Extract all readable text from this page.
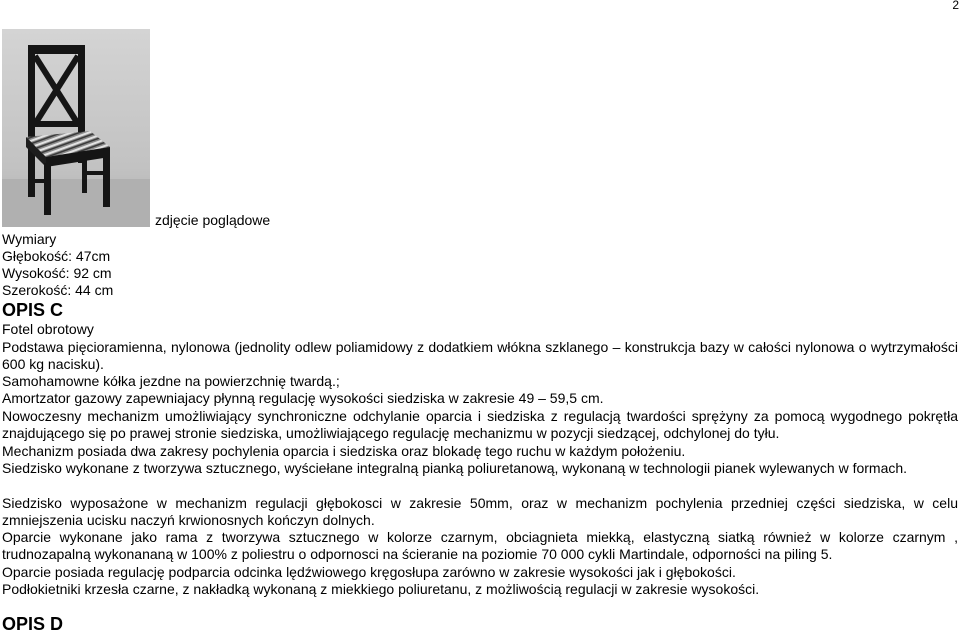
2
zdjęcie poglądowe
Wymiary
Głębokość: 47cm
Wysokość: 92 cm
Szerokość: 44 cm
OPIS C
Fotel obrotowy
Podstawa pięcioramienna, nylonowa (jednolity odlew poliamidowy z dodatkiem włókna szklanego – konstrukcja bazy w całości nylonowa o wytrzymałości 600 kg nacisku).
Samohamowne kółka jezdne na powierzchnię twardą.;
Amortzator gazowy zapewniajacy płynną regulację wysokości siedziska w zakresie 49 – 59,5 cm.
Nowoczesny mechanizm umożliwiający synchroniczne odchylanie oparcia i siedziska z regulacją twardości sprężyny za pomocą wygodnego pokrętła znajdującego się po prawej stronie siedziska, umożliwiającego regulację mechanizmu w pozycji siedzącej, odchylonej do tyłu.
Mechanizm posiada dwa zakresy pochylenia oparcia i siedziska oraz blokadę tego ruchu w każdym położeniu.
Siedzisko wykonane z tworzywa sztucznego, wyściełane integralną pianką poliuretanową, wykonaną w technologii pianek wylewanych w formach.
Siedzisko wyposażone w mechanizm regulacji głębokosci w zakresie 50mm, oraz w mechanizm pochylenia przedniej części siedziska, w celu zmniejszenia ucisku naczyń krwionosnych kończyn dolnych.
Oparcie wykonane jako rama z tworzywa sztucznego w kolorze czarnym, obciagnieta miekką, elastyczną siatką również w kolorze czarnym , trudnozapalną wykonananą w 100% z poliestru o odpornosci na ścieranie na poziomie 70 000 cykli Martindale, odporności na piling 5.
Oparcie posiada regulację podparcia odcinka lędźwiowego kręgosłupa zarówno w zakresie wysokości jak i głębokości.
Podłokietniki krzesła czarne, z nakładką wykonaną z miekkiego poliuretanu, z możliwością regulacji w zakresie wysokości.
OPIS D
